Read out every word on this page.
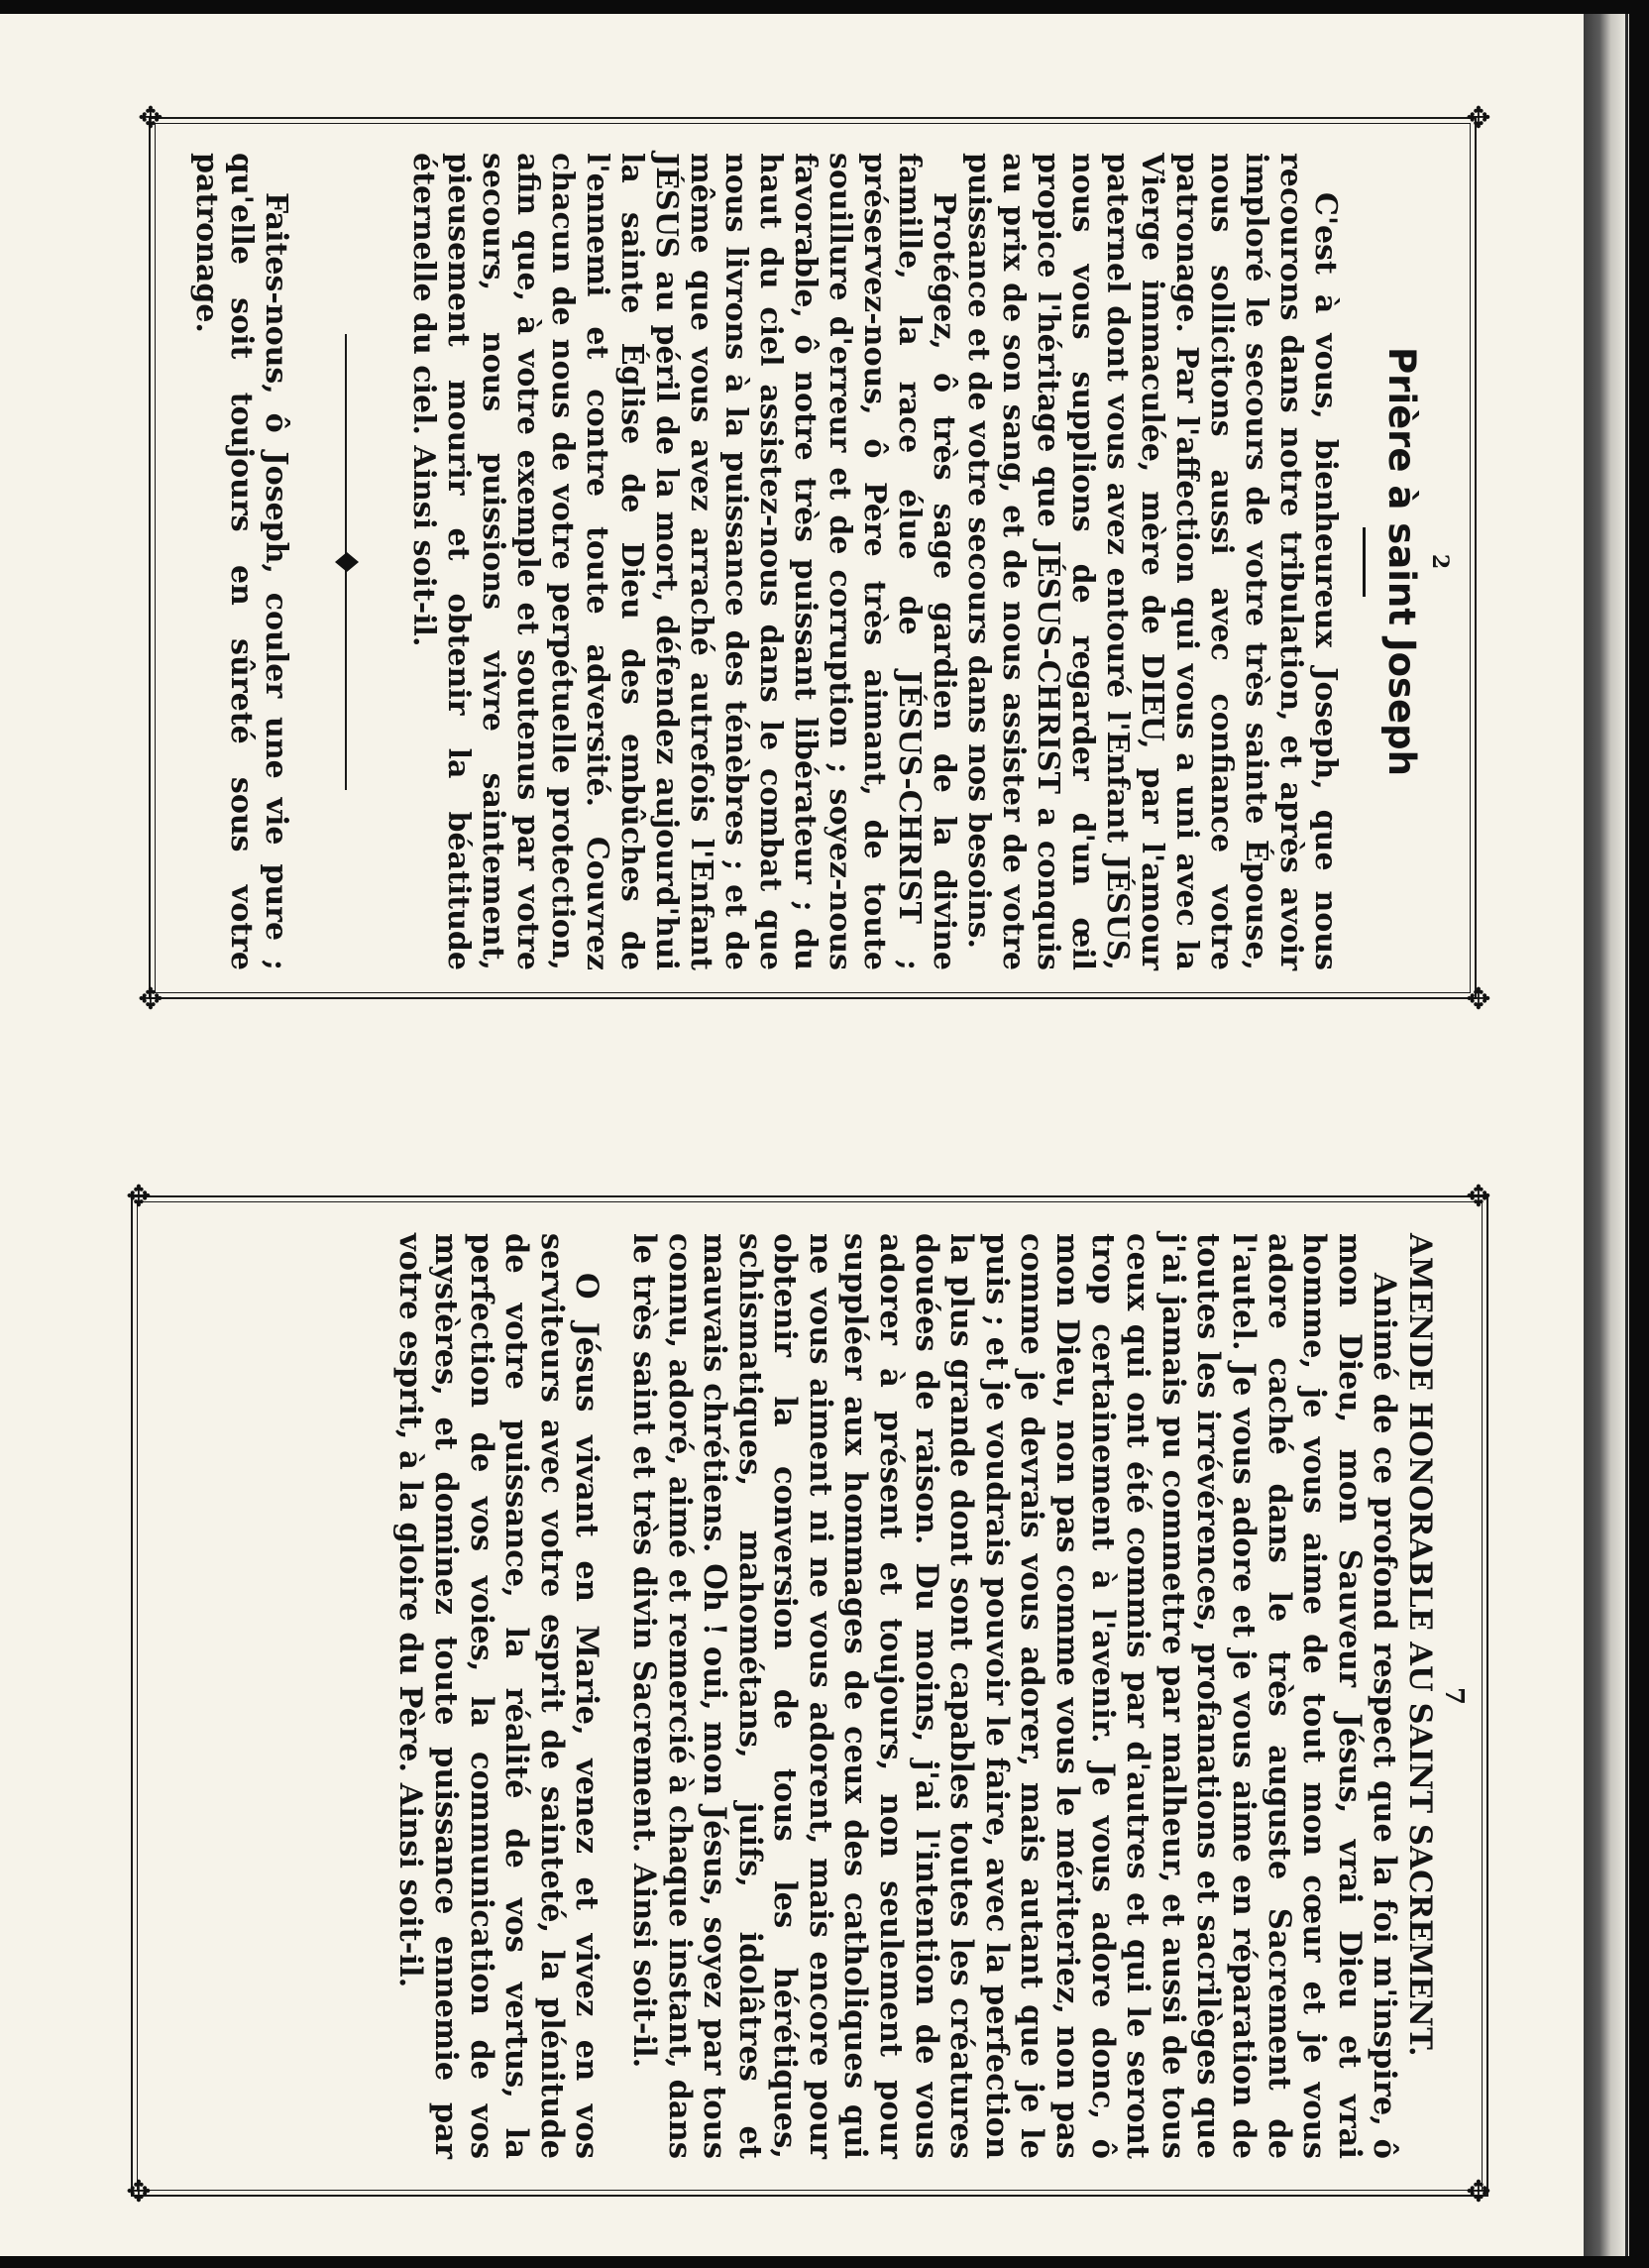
✥
✥
✥
✥
2
Prière à saint Joseph

C'est à vous, bienheureux Joseph, que nous recourons dans notre tribulation, et après avoir imploré le secours de votre très sainte Épouse, nous sollicitons aussi avec confiance votre patronage. Par l'affection qui vous a uni avec la Vierge immaculée, mère de DIEU, par l'amour paternel dont vous avez entouré l'Enfant JÉSUS, nous vous supplions de regarder d'un œil propice l'héritage que JÉSUS-CHRIST a conquis au prix de son sang, et de nous assister de votre puissance et de votre secours dans nos besoins.

Protégez, ô très sage gardien de la divine famille, la race élue de JÉSUS-CHRIST ; préservez-nous, ô Père très aimant, de toute souillure d'erreur et de corruption ; soyez-nous favorable, ô notre très puissant libérateur ; du haut du ciel assistez-nous dans le combat que nous livrons à la puissance des ténèbres ; et de même que vous avez arraché autrefois l'Enfant JÉSUS au péril de la mort, défendez aujourd'hui la sainte Église de Dieu des embûches de l'ennemi et contre toute adversité. Couvrez chacun de nous de votre perpétuelle protection, afin que, à votre exemple et soutenus par votre secours, nous puissions vivre saintement, pieusement mourir et obtenir la béatitude éternelle du ciel. Ainsi soit-il.

Faites-nous, ô Joseph, couler une vie pure ; qu'elle soit toujours en sûreté sous votre patronage.

✥
✥
✥
✥
7

AMENDE HONORABLE AU SAINT SACREMENT.

Animé de ce profond respect que la foi m'inspire, ô mon Dieu, mon Sauveur Jésus, vrai Dieu et vrai homme, je vous aime de tout mon cœur et je vous adore caché dans le très auguste Sacrement de l'autel. Je vous adore et je vous aime en réparation de toutes les irrévérences, profanations et sacrilèges que j'ai jamais pu commettre par malheur, et aussi de tous ceux qui ont été commis par d'autres et qui le seront trop certainement à l'avenir. Je vous adore donc, ô mon Dieu, non pas comme vous le mériteriez, non pas comme je devrais vous adorer, mais autant que je le puis ; et je voudrais pouvoir le faire, avec la perfection la plus grande dont sont capables toutes les créatures douées de raison. Du moins, j'ai l'intention de vous adorer à présent et toujours, non seulement pour suppléer aux hommages de ceux des catholiques qui ne vous aiment ni ne vous adorent, mais encore pour obtenir la conversion de tous les hérétiques, schismatiques, mahométans, juifs, idolâtres et mauvais chrétiens. Oh ! oui, mon Jésus, soyez par tous connu, adoré, aimé et remercié à chaque instant, dans le très saint et très divin Sacrement. Ainsi soit-il.

O Jésus vivant en Marie, venez et vivez en vos serviteurs avec votre esprit de sainteté, la plénitude de votre puissance, la réalité de vos vertus, la perfection de vos voies, la communication de vos mystères, et dominez toute puissance ennemie par votre esprit, à la gloire du Père. Ainsi soit-il.
